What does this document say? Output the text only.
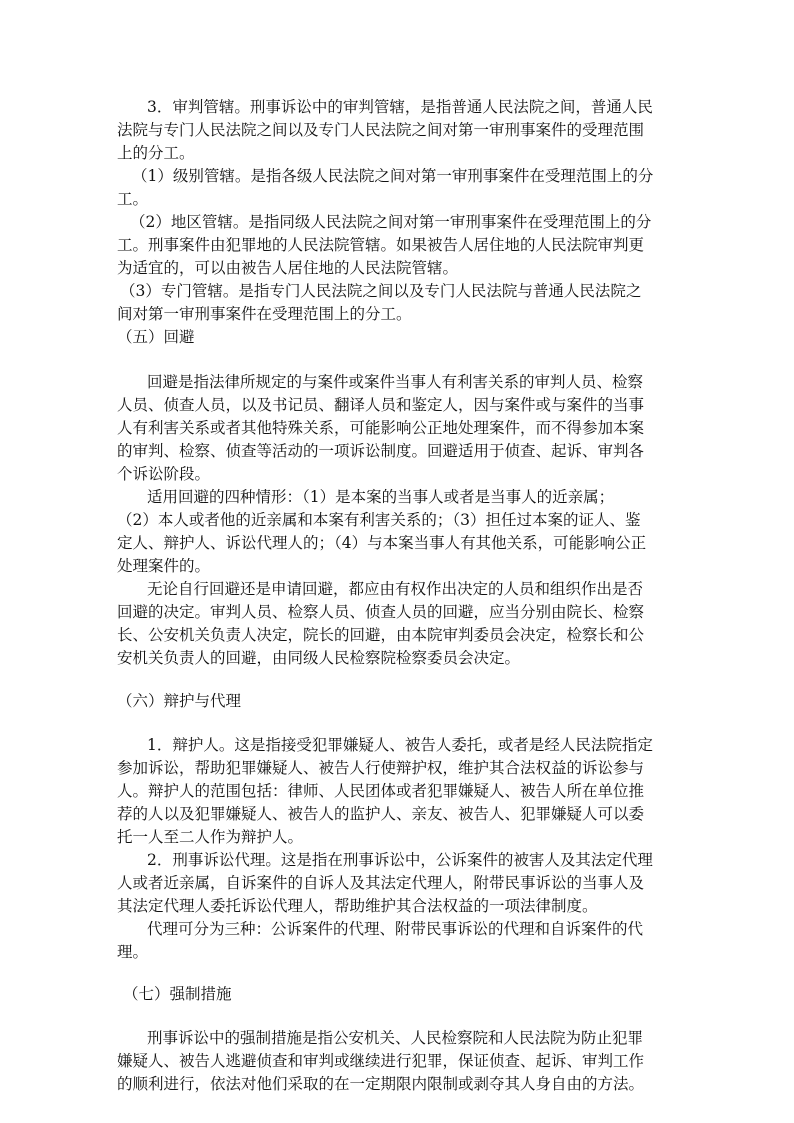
3．审判管辖。刑事诉讼中的审判管辖，是指普通人民法院之间，普通人民
法院与专门人民法院之间以及专门人民法院之间对第一审刑事案件的受理范围
上的分工。
（1）级别管辖。是指各级人民法院之间对第一审刑事案件在受理范围上的分
工。
（2）地区管辖。是指同级人民法院之间对第一审刑事案件在受理范围上的分
工。刑事案件由犯罪地的人民法院管辖。如果被告人居住地的人民法院审判更
为适宜的，可以由被告人居住地的人民法院管辖。
（3）专门管辖。是指专门人民法院之间以及专门人民法院与普通人民法院之
间对第一审刑事案件在受理范围上的分工。
（五）回避
回避是指法律所规定的与案件或案件当事人有利害关系的审判人员、检察
人员、侦查人员，以及书记员、翻译人员和鉴定人，因与案件或与案件的当事
人有利害关系或者其他特殊关系，可能影响公正地处理案件，而不得参加本案
的审判、检察、侦查等活动的一项诉讼制度。回避适用于侦查、起诉、审判各
个诉讼阶段。
适用回避的四种情形：（1）是本案的当事人或者是当事人的近亲属；
（2）本人或者他的近亲属和本案有利害关系的；（3）担任过本案的证人、鉴
定人、辩护人、诉讼代理人的；（4）与本案当事人有其他关系，可能影响公正
处理案件的。
无论自行回避还是申请回避，都应由有权作出决定的人员和组织作出是否
回避的决定。审判人员、检察人员、侦查人员的回避，应当分别由院长、检察
长、公安机关负责人决定，院长的回避，由本院审判委员会决定，检察长和公
安机关负责人的回避，由同级人民检察院检察委员会决定。
（六）辩护与代理
1．辩护人。这是指接受犯罪嫌疑人、被告人委托，或者是经人民法院指定
参加诉讼，帮助犯罪嫌疑人、被告人行使辩护权，维护其合法权益的诉讼参与
人。辩护人的范围包括：律师、人民团体或者犯罪嫌疑人、被告人所在单位推
荐的人以及犯罪嫌疑人、被告人的监护人、亲友、被告人、犯罪嫌疑人可以委
托一人至二人作为辩护人。
2．刑事诉讼代理。这是指在刑事诉讼中，公诉案件的被害人及其法定代理
人或者近亲属，自诉案件的自诉人及其法定代理人，附带民事诉讼的当事人及
其法定代理人委托诉讼代理人，帮助维护其合法权益的一项法律制度。
代理可分为三种：公诉案件的代理、附带民事诉讼的代理和自诉案件的代
理。
（七）强制措施
刑事诉讼中的强制措施是指公安机关、人民检察院和人民法院为防止犯罪
嫌疑人、被告人逃避侦查和审判或继续进行犯罪，保证侦查、起诉、审判工作
的顺利进行，依法对他们采取的在一定期限内限制或剥夺其人身自由的方法。
